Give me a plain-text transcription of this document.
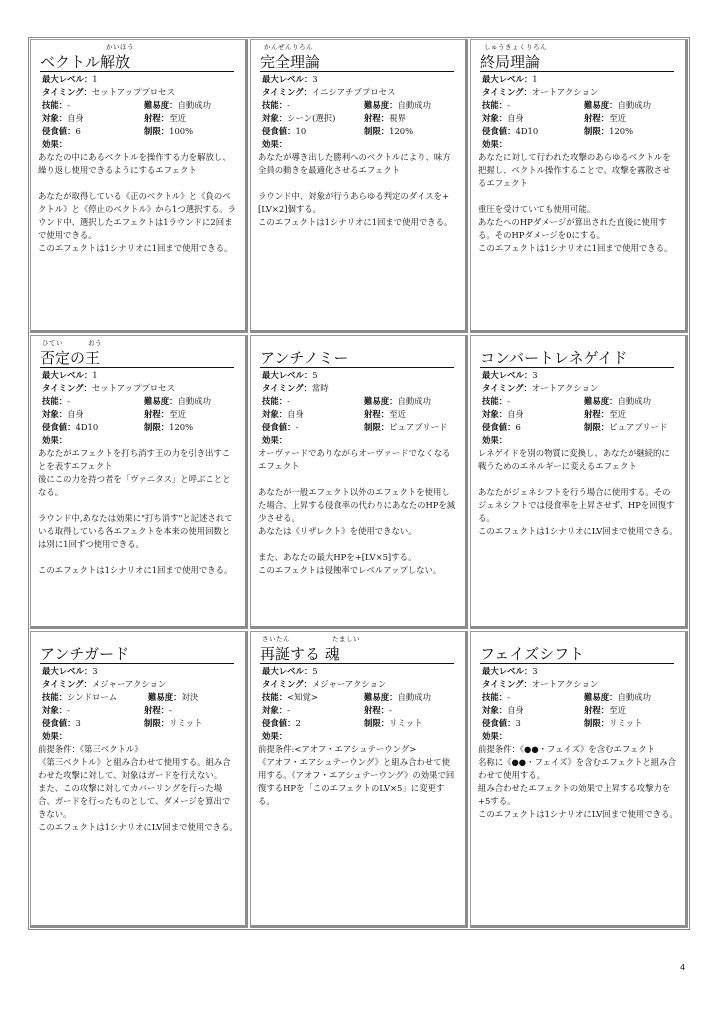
かいほう
ベクトル解放
最大レベル：1
タイミング：セットアッププロセス
技能：-	難易度：自動成功
対象：自身	射程：至近
侵食値：6	制限：100%
効果：

あなたの中にあるベクトルを操作する力を解放し、繰り返し使用できるようにするエフェクト

あなたが取得している《正のベクトル》と《負のベクトル》と《停止のベクトル》から1つ選択する。ラウンド中、選択したエフェクトは1ラウンドに2回まで使用できる。

このエフェクトは1シナリオに1回まで使用できる。

かんぜんりろん
完全理論
最大レベル：3
タイミング：イニシアチブプロセス
技能：-	難易度：自動成功
対象：シーン(選択)	射程：視界
侵食値：10	制限：120%
効果：

あなたが導き出した勝利へのベクトルにより、味方全員の動きを最適化させるエフェクト

ラウンド中、対象が行うあらゆる判定のダイスを+[LV×2]個する。

このエフェクトは1シナリオに1回まで使用できる。

しゅうきょくりろん
終局理論
最大レベル：1
タイミング：オートアクション
技能：-	難易度：自動成功
対象：自身	射程：至近
侵食値：4D10	制限：120%
効果：

あなたに対して行われた攻撃のあらゆるベクトルを把握し、ベクトル操作することで、攻撃を霧散させるエフェクト

重圧を受けていても使用可能。

あなたへのHPダメージが算出された直後に使用する。そのHPダメージを0にする。

このエフェクトは1シナリオに1回まで使用できる。

ひてい	おう
否定の王
最大レベル：1
タイミング：セットアッププロセス
技能：-	難易度：自動成功
対象：自身	射程：至近
侵食値：4D10	制限：120%
効果：

あなたがエフェクトを打ち消す王の力を引き出すことを表すエフェクト

後にこの力を持つ者を「ヴァニタス」と呼ぶこととなる。

ラウンド中,あなたは効果に"打ち消す"と記述されている取得している各エフェクトを本来の使用回数とは別に1回ずつ使用できる。

このエフェクトは1シナリオに1回まで使用できる。

アンチノミー
最大レベル：5
タイミング：常時
技能：-	難易度：自動成功
対象：自身	射程：至近
侵食値：-	制限：ピュアブリード
効果：

オーヴァードでありながらオーヴァードでなくなるエフェクト

あなたが一般エフェクト以外のエフェクトを使用した場合、上昇する侵食率の代わりにあなたのHPを減少させる。

あなたは《リザレクト》を使用できない。

また、あなたの最大HPを+[LV×5]する。

このエフェクトは侵蝕率でレベルアップしない。

コンバートレネゲイド
最大レベル：3
タイミング：オートアクション
技能：-	難易度：自動成功
対象：自身	射程：至近
侵食値：6	制限：ピュアブリード
効果：

レネゲイドを別の物質に変換し、あなたが継続的に戦うためのエネルギーに変えるエフェクト

あなたがジェネシフトを行う場合に使用する。そのジェネシフトでは侵食率を上昇させず、HPを回復する。

このエフェクトは1シナリオにLV回まで使用できる。

アンチガード
最大レベル：3
タイミング：メジャーアクション
技能：シンドローム	難易度：対決
対象：-	射程：-
侵食値：3	制限：リミット
効果：

前提条件：《第三ベクトル》

《第三ベクトル》と組み合わせて使用する。組み合わせた攻撃に対して、対象はガードを行えない。

また、この攻撃に対してカバーリングを行った場合、ガードを行ったものとして、ダメージを算出できない。

このエフェクトは1シナリオにLV回まで使用できる。

さいたん	たましい
再誕する 魂
最大レベル：5
タイミング：メジャーアクション
技能：<知覚>	難易度：自動成功
対象：-	射程：-
侵食値：2	制限：リミット
効果：

前提条件:<アオフ・エアシュテーウング>

《アオフ・エアシュテーウング》と組み合わせて使用する。《アオフ・エアシュテーウング》の効果で回復するHPを「このエフェクトのLV×5」に変更する。

フェイズシフト
最大レベル：3
タイミング：オートアクション
技能：-	難易度：自動成功
対象：自身	射程：至近
侵食値：3	制限：リミット
効果：

前提条件：《●●・フェイズ》を含むエフェクト

名称に《●●・フェイズ》を含むエフェクトと組み合わせて使用する。

組み合わせたエフェクトの効果で上昇する攻撃力を+5する。

このエフェクトは1シナリオにLV回まで使用できる。

4
